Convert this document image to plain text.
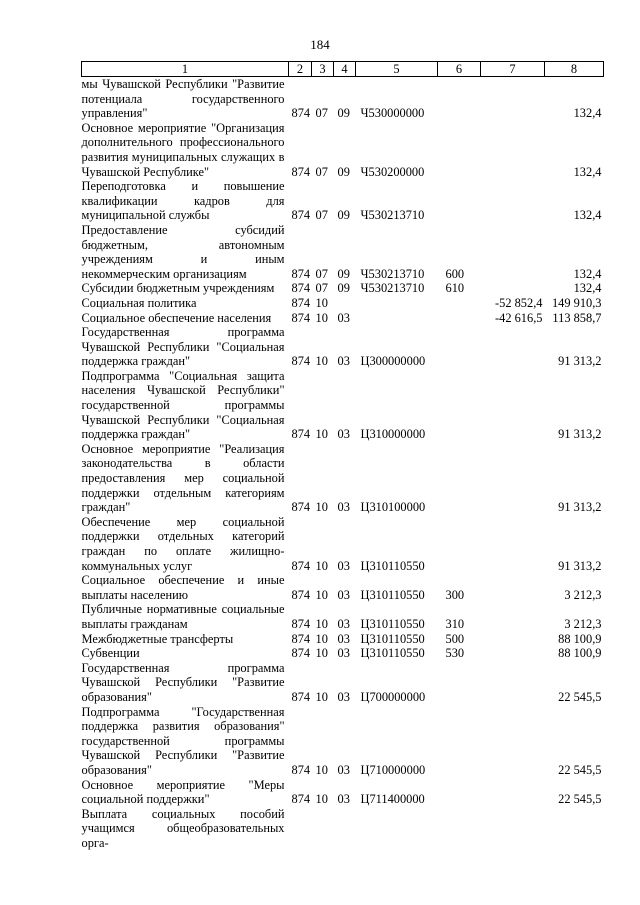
184
1	2	3	4	5	6	7	8
мы Чувашской Республики "Развитие потенциала государственного управления"	874	07	09	Ч530000000			132,4
Основное мероприятие "Организация дополнительного профессионального развития муниципальных служащих в Чувашской Республике"	874	07	09	Ч530200000			132,4
Переподготовка и повышение квалификации кадров для муниципальной службы	874	07	09	Ч530213710			132,4
Предоставление субсидий бюджетным, автономным учреждениям и иным некоммерческим организациям	874	07	09	Ч530213710	600		132,4
Субсидии бюджетным учреждениям	874	07	09	Ч530213710	610		132,4
Социальная политика	874	10				-52 852,4	149 910,3
Социальное обеспечение населения	874	10	03			-42 616,5	113 858,7
Государственная программа Чувашской Республики "Социальная поддержка граждан"	874	10	03	Ц300000000			91 313,2
Подпрограмма "Социальная защита населения Чувашской Республики" государственной программы Чувашской Республики "Социальная поддержка граждан"	874	10	03	Ц310000000			91 313,2
Основное мероприятие "Реализация законодательства в области предоставления мер социальной поддержки отдельным категориям граждан"	874	10	03	Ц310100000			91 313,2
Обеспечение мер социальной поддержки отдельных категорий граждан по оплате жилищно-коммунальных услуг	874	10	03	Ц310110550			91 313,2
Социальное обеспечение и иные выплаты населению	874	10	03	Ц310110550	300		3 212,3
Публичные нормативные социальные выплаты гражданам	874	10	03	Ц310110550	310		3 212,3
Межбюджетные трансферты	874	10	03	Ц310110550	500		88 100,9
Субвенции	874	10	03	Ц310110550	530		88 100,9
Государственная программа Чувашской Республики "Развитие образования"	874	10	03	Ц700000000			22 545,5
Подпрограмма "Государственная поддержка развития образования" государственной программы Чувашской Республики "Развитие образования"	874	10	03	Ц710000000			22 545,5
Основное мероприятие "Меры социальной поддержки"	874	10	03	Ц711400000			22 545,5
Выплата социальных пособий учащимся общеобразовательных орга-							
